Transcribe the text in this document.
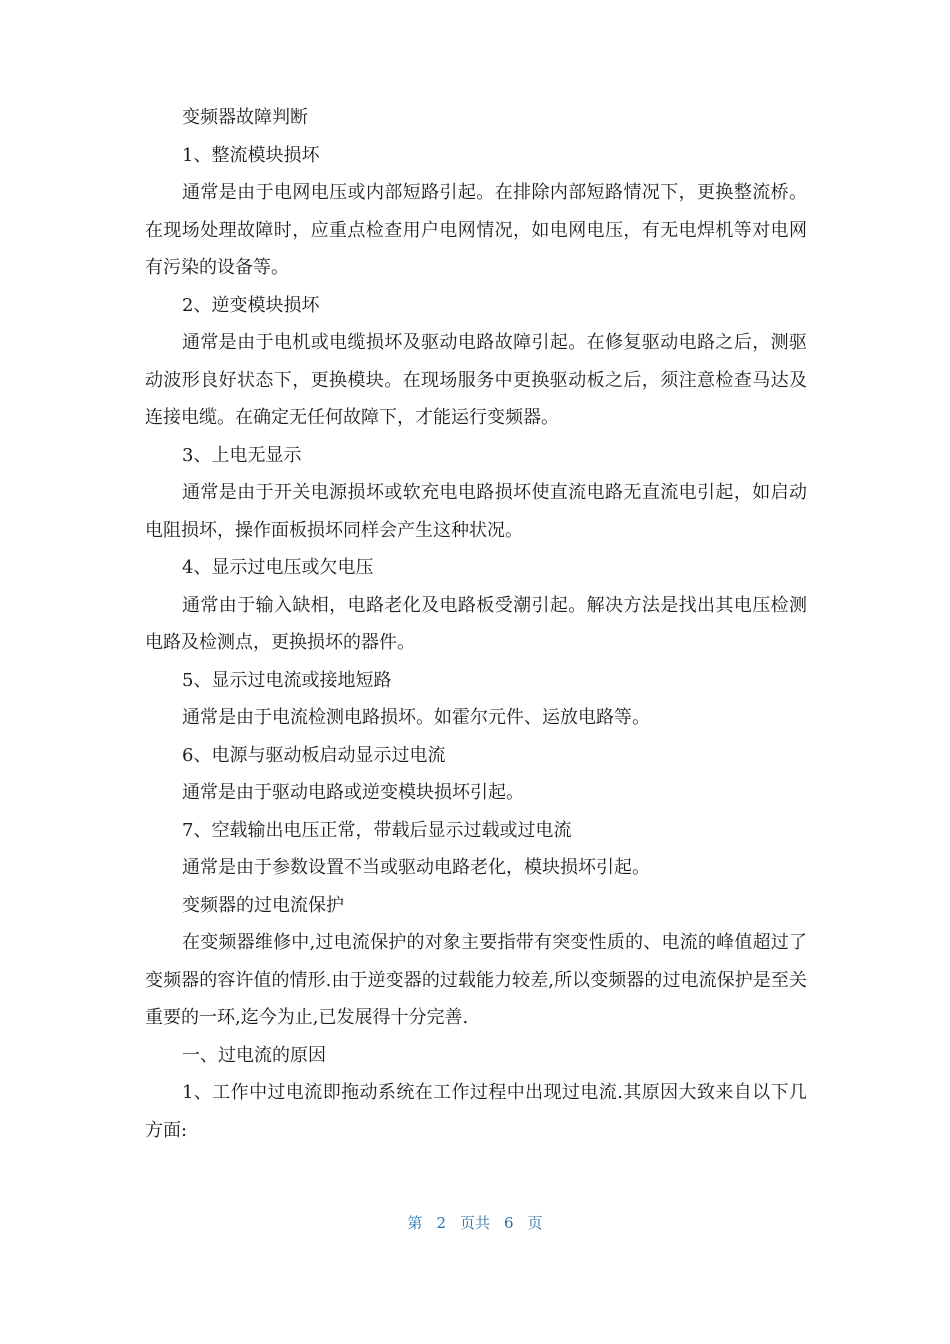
变频器故障判断

1、整流模块损坏

通常是由于电网电压或内部短路引起。在排除内部短路情况下，更换整流桥。在现场处理故障时，应重点检查用户电网情况，如电网电压，有无电焊机等对电网有污染的设备等。

2、逆变模块损坏

通常是由于电机或电缆损坏及驱动电路故障引起。在修复驱动电路之后，测驱动波形良好状态下，更换模块。在现场服务中更换驱动板之后，须注意检查马达及连接电缆。在确定无任何故障下，才能运行变频器。

3、上电无显示

通常是由于开关电源损坏或软充电电路损坏使直流电路无直流电引起，如启动电阻损坏，操作面板损坏同样会产生这种状况。

4、显示过电压或欠电压

通常由于输入缺相，电路老化及电路板受潮引起。解决方法是找出其电压检测电路及检测点，更换损坏的器件。

5、显示过电流或接地短路

通常是由于电流检测电路损坏。如霍尔元件、运放电路等。

6、电源与驱动板启动显示过电流

通常是由于驱动电路或逆变模块损坏引起。

7、空载输出电压正常，带载后显示过载或过电流

通常是由于参数设置不当或驱动电路老化，模块损坏引起。

变频器的过电流保护

在变频器维修中,过电流保护的对象主要指带有突变性质的、电流的峰值超过了变频器的容许值的情形.由于逆变器的过载能力较差,所以变频器的过电流保护是至关重要的一环,迄今为止,已发展得十分完善.

一、过电流的原因

1、工作中过电流即拖动系统在工作过程中出现过电流.其原因大致来自以下几方面:

第 2 页共 6 页
